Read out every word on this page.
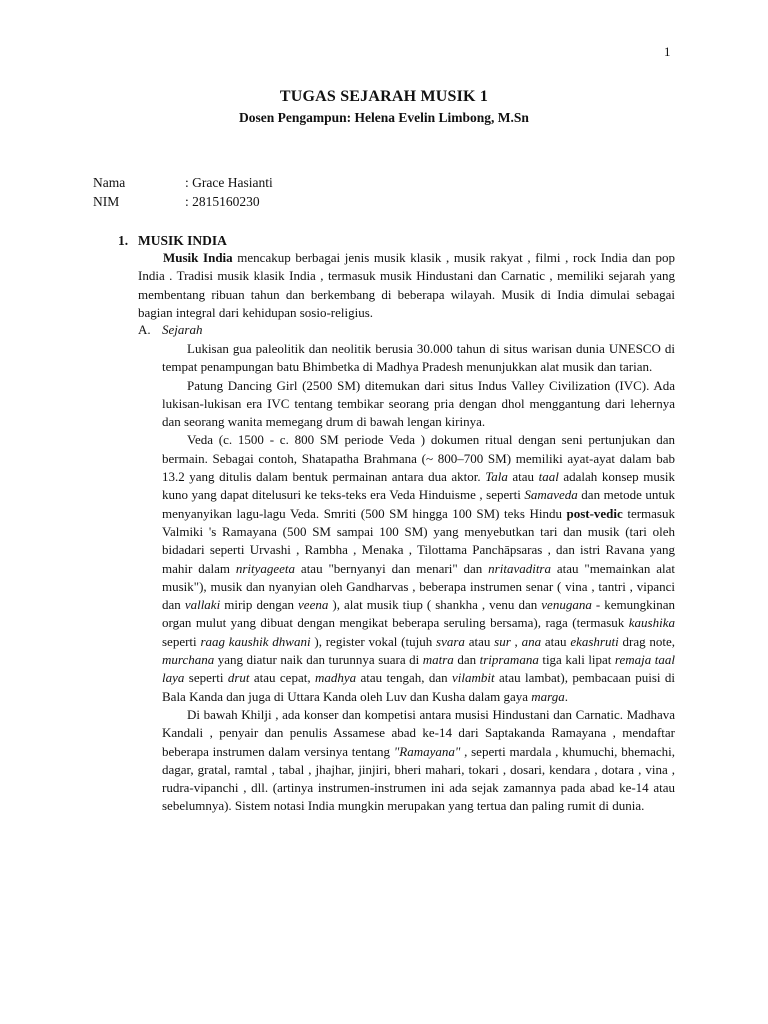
1
TUGAS SEJARAH MUSIK 1
Dosen Pengampun: Helena Evelin Limbong, M.Sn
Nama	: Grace Hasianti
NIM	: 2815160230
1. MUSIK INDIA

Musik India mencakup berbagai jenis musik klasik , musik rakyat , filmi , rock India dan pop India . Tradisi musik klasik India , termasuk musik Hindustani dan Carnatic , memiliki sejarah yang membentang ribuan tahun dan berkembang di beberapa wilayah. Musik di India dimulai sebagai bagian integral dari kehidupan sosio-religius.

A. Sejarah

Lukisan gua paleolitik dan neolitik berusia 30.000 tahun di situs warisan dunia UNESCO di tempat penampungan batu Bhimbetka di Madhya Pradesh menunjukkan alat musik dan tarian.

Patung Dancing Girl (2500 SM) ditemukan dari situs Indus Valley Civilization (IVC). Ada lukisan-lukisan era IVC tentang tembikar seorang pria dengan dhol menggantung dari lehernya dan seorang wanita memegang drum di bawah lengan kirinya.

Veda (c. 1500 - c. 800 SM periode Veda ) dokumen ritual dengan seni pertunjukan dan bermain. Sebagai contoh, Shatapatha Brahmana (~ 800–700 SM) memiliki ayat-ayat dalam bab 13.2 yang ditulis dalam bentuk permainan antara dua aktor. Tala atau taal adalah konsep musik kuno yang dapat ditelusuri ke teks-teks era Veda Hinduisme , seperti Samaveda dan metode untuk menyanyikan lagu-lagu Veda. Smriti (500 SM hingga 100 SM) teks Hindu post-vedic termasuk Valmiki 's Ramayana (500 SM sampai 100 SM) yang menyebutkan tari dan musik (tari oleh bidadari seperti Urvashi , Rambha , Menaka , Tilottama Panchāpsaras , dan istri Ravana yang mahir dalam nrityageeta atau "bernyanyi dan menari" dan nritavaditra atau "memainkan alat musik"), musik dan nyanyian oleh Gandharvas , beberapa instrumen senar ( vina , tantri , vipanci dan vallaki mirip dengan veena ), alat musik tiup ( shankha , venu dan venugana - kemungkinan organ mulut yang dibuat dengan mengikat beberapa seruling bersama), raga (termasuk kaushika seperti raag kaushik dhwani ), register vokal (tujuh svara atau sur , ana atau ekashruti drag note, murchana yang diatur naik dan turunnya suara di matra dan tripramana tiga kali lipat remaja taal laya seperti drut atau cepat, madhya atau tengah, dan vilambit atau lambat), pembacaan puisi di Bala Kanda dan juga di Uttara Kanda oleh Luv dan Kusha dalam gaya marga.

Di bawah Khilji , ada konser dan kompetisi antara musisi Hindustani dan Carnatic. Madhava Kandali , penyair dan penulis Assamese abad ke-14 dari Saptakanda Ramayana , mendaftar beberapa instrumen dalam versinya tentang "Ramayana" , seperti mardala , khumuchi, bhemachi, dagar, gratal, ramtal , tabal , jhajhar, jinjiri, bheri mahari, tokari , dosari, kendara , dotara , vina , rudra-vipanchi , dll. (artinya instrumen-instrumen ini ada sejak zamannya pada abad ke-14 atau sebelumnya). Sistem notasi India mungkin merupakan yang tertua dan paling rumit di dunia.
